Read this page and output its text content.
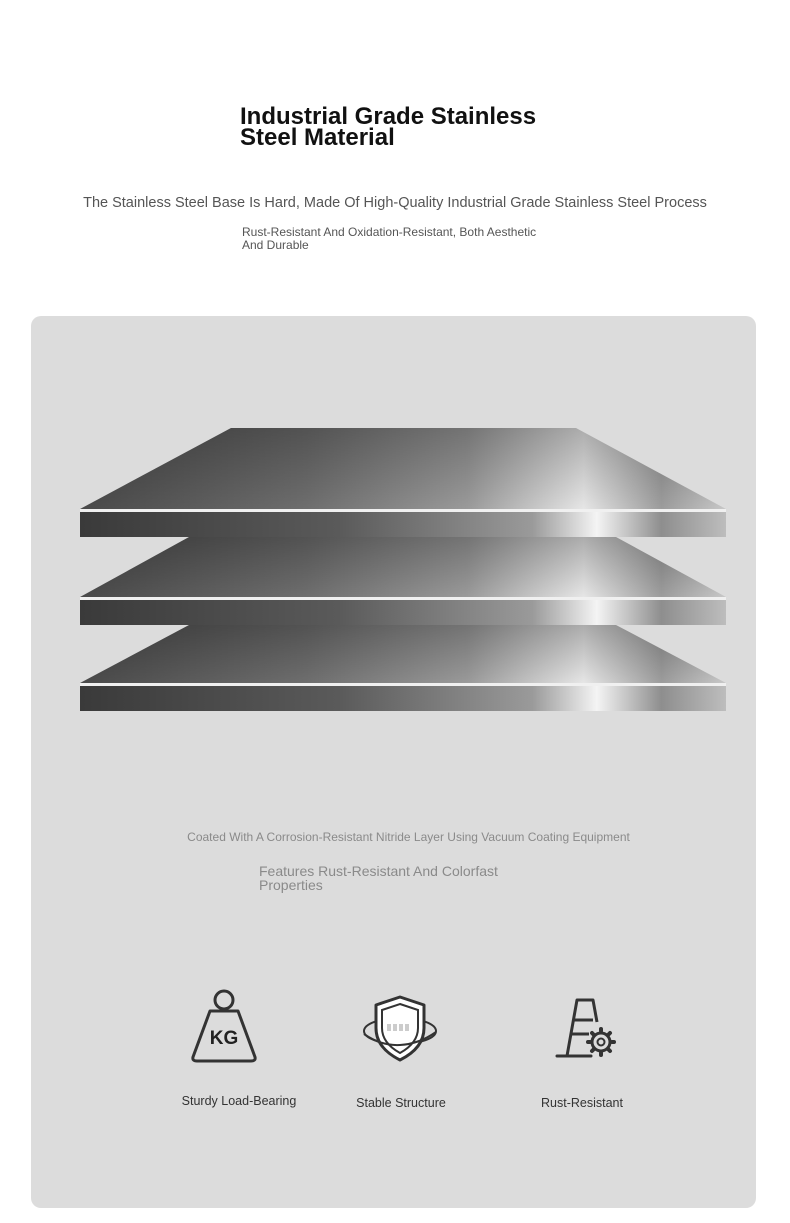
Industrial Grade Stainless
Steel Material

The Stainless Steel Base Is Hard, Made Of High-Quality Industrial Grade Stainless Steel Process

Rust-Resistant And Oxidation-Resistant, Both Aesthetic
And Durable

Coated With A Corrosion-Resistant Nitride Layer Using Vacuum Coating Equipment

Features Rust-Resistant And Colorfast
Properties

KG
Sturdy Load-Bearing	Stable Structure	Rust-Resistant
